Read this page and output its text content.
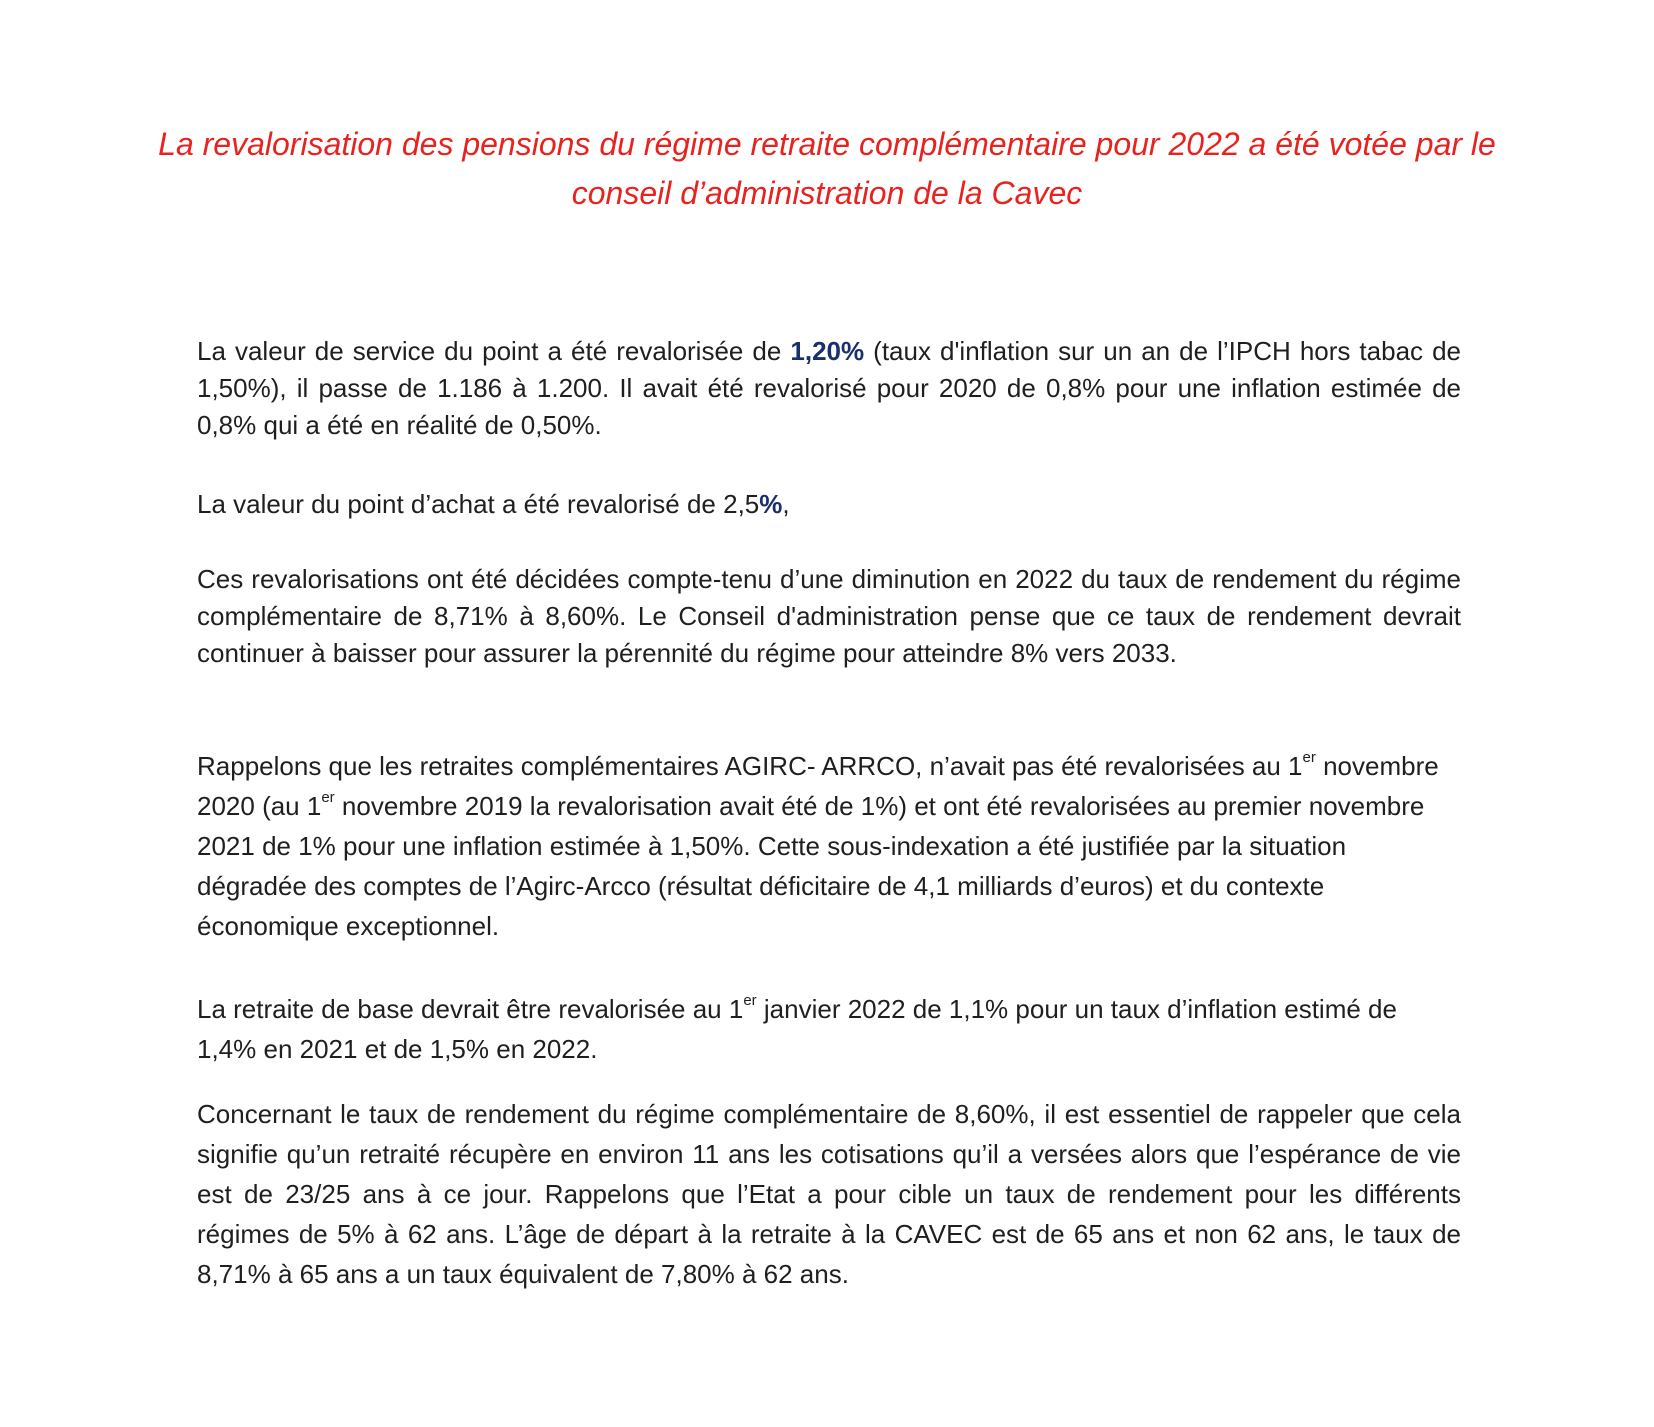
La revalorisation des pensions du régime retraite complémentaire pour 2022 a été votée par le conseil d’administration de la Cavec

La valeur de service du point a été revalorisée de 1,20% (taux d'inflation sur un an de l’IPCH hors tabac de 1,50%), il passe de 1.186 à 1.200. Il avait été revalorisé pour 2020 de 0,8% pour une inflation estimée de 0,8% qui a été en réalité de 0,50%.

La valeur du point d’achat a été revalorisé de 2,5%,

Ces revalorisations ont été décidées compte-tenu d’une diminution en 2022 du taux de rendement du régime complémentaire de 8,71% à 8,60%. Le Conseil d'administration pense que ce taux de rendement devrait continuer à baisser pour assurer la pérennité du régime pour atteindre 8% vers 2033.

Rappelons que les retraites complémentaires AGIRC- ARRCO, n’avait pas été revalorisées au 1er novembre 2020 (au 1er novembre 2019 la revalorisation avait été de 1%) et ont été revalorisées au premier novembre 2021 de 1% pour une inflation estimée à 1,50%. Cette sous-indexation a été justifiée par la situation dégradée des comptes de l’Agirc-Arcco (résultat déficitaire de 4,1 milliards d’euros) et du contexte économique exceptionnel.

La retraite de base devrait être revalorisée au 1er janvier 2022 de 1,1% pour un taux d’inflation estimé de 1,4% en 2021 et de 1,5% en 2022.

Concernant le taux de rendement du régime complémentaire de 8,60%, il est essentiel de rappeler que cela signifie qu’un retraité récupère en environ 11 ans les cotisations qu’il a versées alors que l’espérance de vie est de 23/25 ans à ce jour. Rappelons que l’Etat a pour cible un taux de rendement pour les différents régimes de 5% à 62 ans. L’âge de départ à la retraite à la CAVEC est de 65 ans et non 62 ans, le taux de 8,71% à 65 ans a un taux équivalent de 7,80% à 62 ans.
